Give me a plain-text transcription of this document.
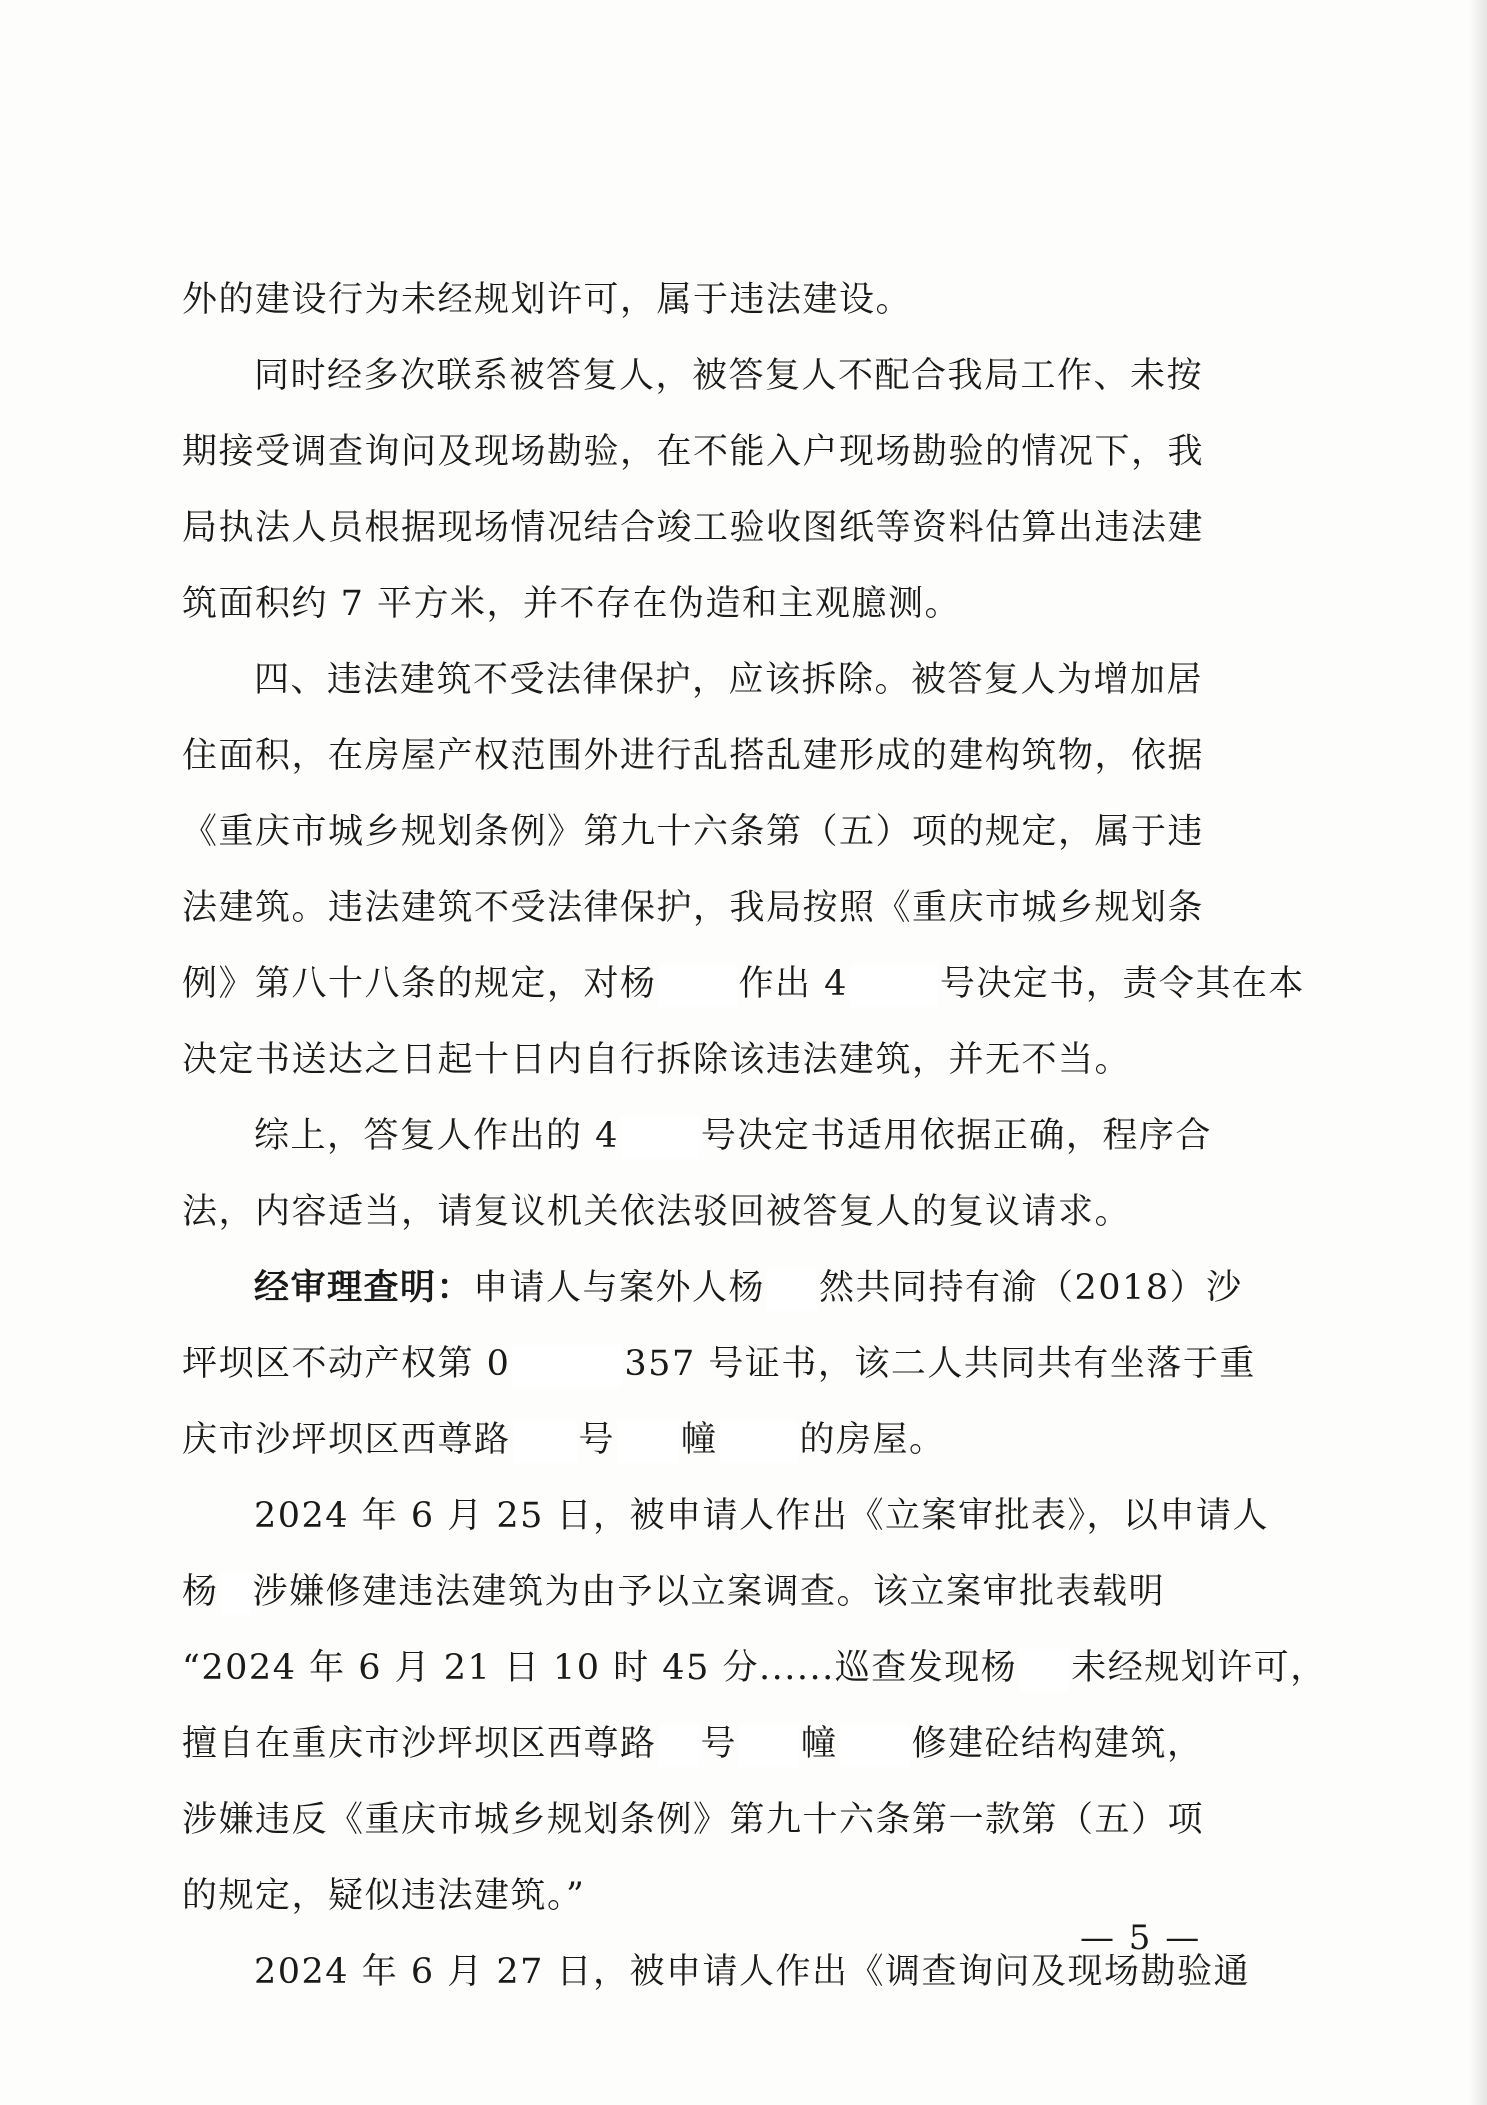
外的建设行为未经规划许可，属于违法建设。
同时经多次联系被答复人，被答复人不配合我局工作、未按
期接受调查询问及现场勘验，在不能入户现场勘验的情况下，我
局执法人员根据现场情况结合竣工验收图纸等资料估算出违法建
筑面积约 7 平方米，并不存在伪造和主观臆测。
四、违法建筑不受法律保护，应该拆除。被答复人为增加居
住面积，在房屋产权范围外进行乱搭乱建形成的建构筑物，依据
《重庆市城乡规划条例》第九十六条第（五）项的规定，属于违
法建筑。违法建筑不受法律保护，我局按照《重庆市城乡规划条
例》第八十八条的规定，对杨 作出 4	号决定书，责令其在本
决定书送达之日起十日内自行拆除该违法建筑，并无不当。
综上，答复人作出的 4 号决定书适用依据正确，程序合
法，内容适当，请复议机关依法驳回被答复人的复议请求。
经审理查明：申请人与案外人杨 然共同持有渝（2018）沙
坪坝区不动产权第 0	357 号证书，该二人共同共有坐落于重
庆市沙坪坝区西尊路 号 幢 的房屋。
2024 年 6 月 25 日，被申请人作出《立案审批表》，以申请人
杨 涉嫌修建违法建筑为由予以立案调查。该立案审批表载明
“2024 年 6 月 21 日 10 时 45 分......巡查发现杨 未经规划许可，
擅自在重庆市沙坪坝区西尊路 号 幢 修建砼结构建筑，
涉嫌违反《重庆市城乡规划条例》第九十六条第一款第（五）项
的规定，疑似违法建筑。”
2024 年 6 月 27 日，被申请人作出《调查询问及现场勘验通
— 5 —
